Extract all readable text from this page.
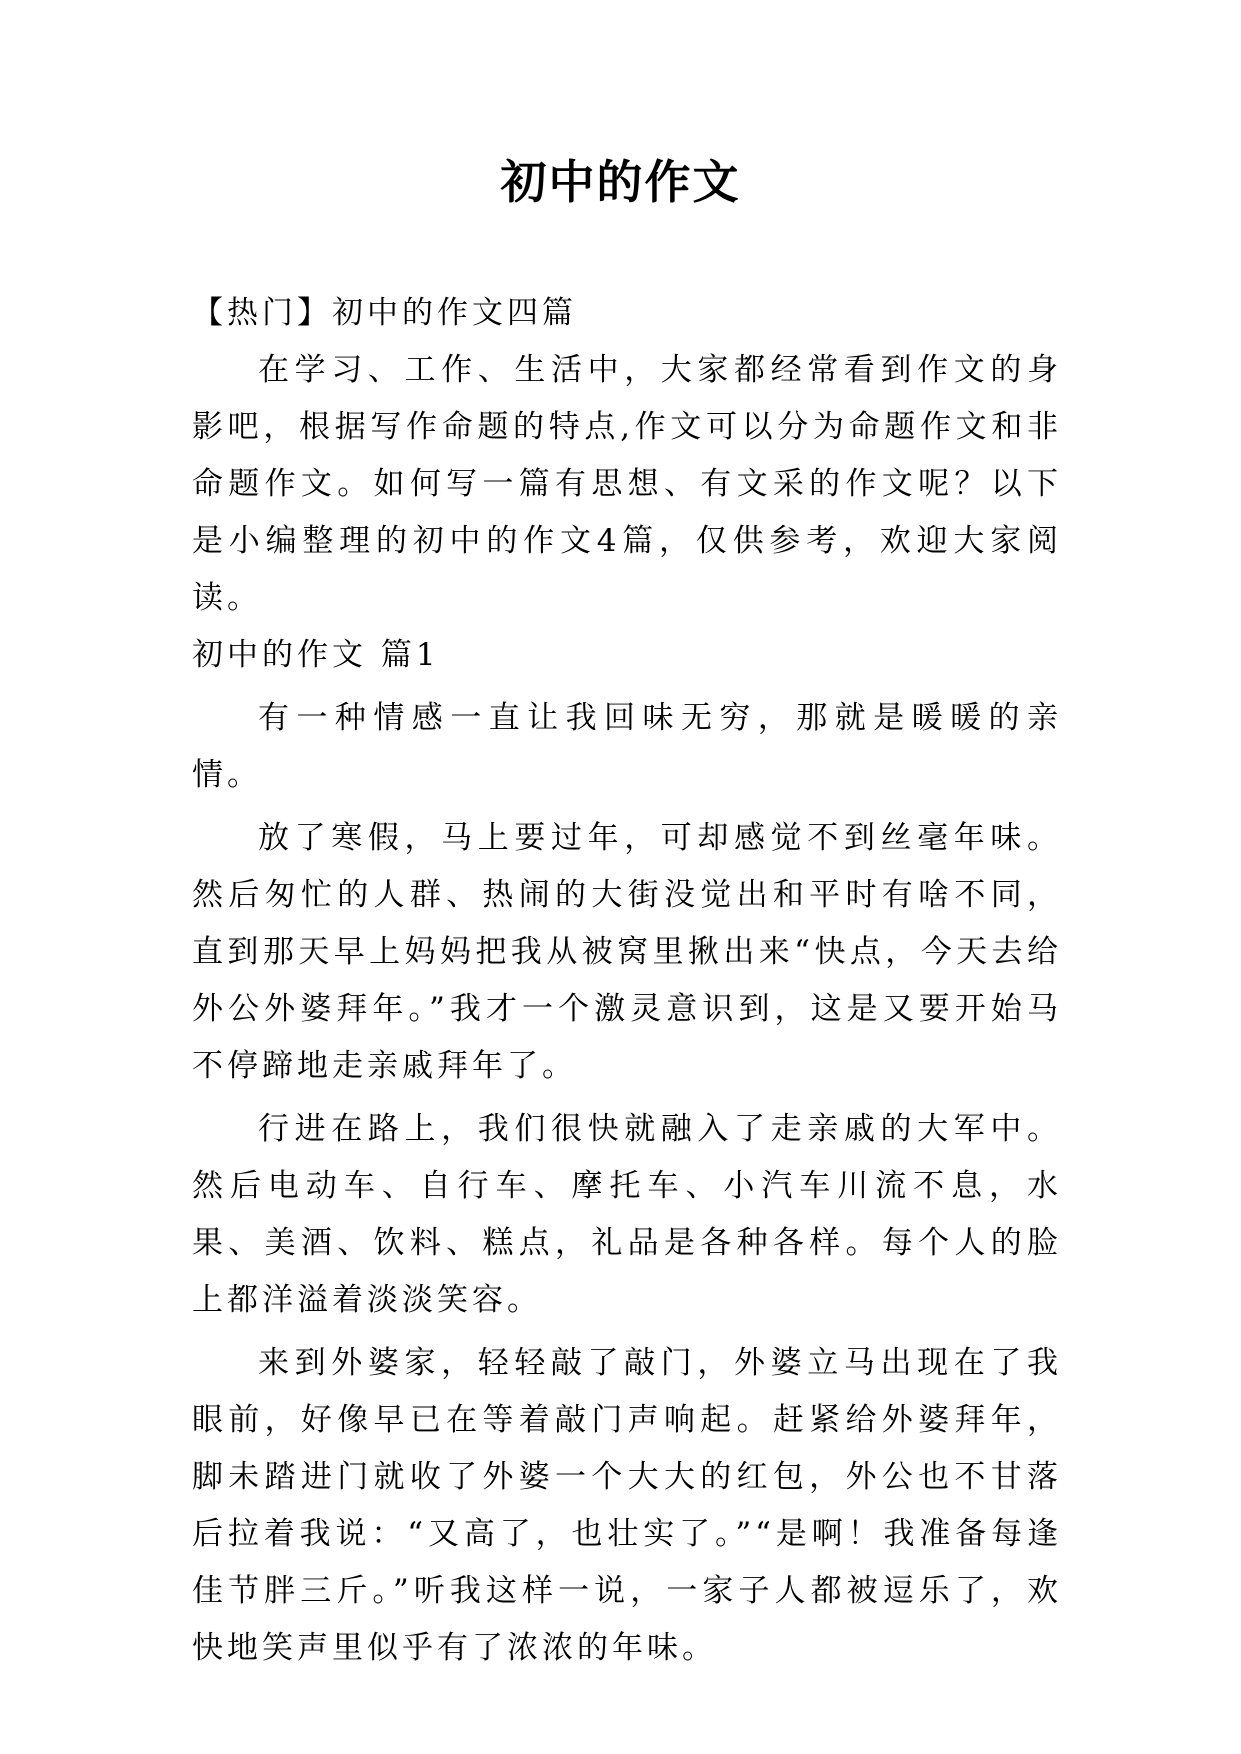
初中的作文

【热门】初中的作文四篇

在学习、工作、生活中，大家都经常看到作文的身影吧，根据写作命题的特点,作文可以分为命题作文和非命题作文。如何写一篇有思想、有文采的作文呢？以下是小编整理的初中的作文4篇，仅供参考，欢迎大家阅读。

初中的作文 篇1

有一种情感一直让我回味无穷，那就是暖暖的亲情。

放了寒假，马上要过年，可却感觉不到丝毫年味。然后匆忙的人群、热闹的大街没觉出和平时有啥不同，直到那天早上妈妈把我从被窝里揪出来“快点，今天去给外公外婆拜年。”我才一个激灵意识到，这是又要开始马不停蹄地走亲戚拜年了。

行进在路上，我们很快就融入了走亲戚的大军中。然后电动车、自行车、摩托车、小汽车川流不息，水果、美酒、饮料、糕点，礼品是各种各样。每个人的脸上都洋溢着淡淡笑容。

来到外婆家，轻轻敲了敲门，外婆立马出现在了我眼前，好像早已在等着敲门声响起。赶紧给外婆拜年，脚未踏进门就收了外婆一个大大的红包，外公也不甘落后拉着我说：“又高了，也壮实了。”“是啊！我准备每逢佳节胖三斤。”听我这样一说，一家子人都被逗乐了，欢快地笑声里似乎有了浓浓的年味。
